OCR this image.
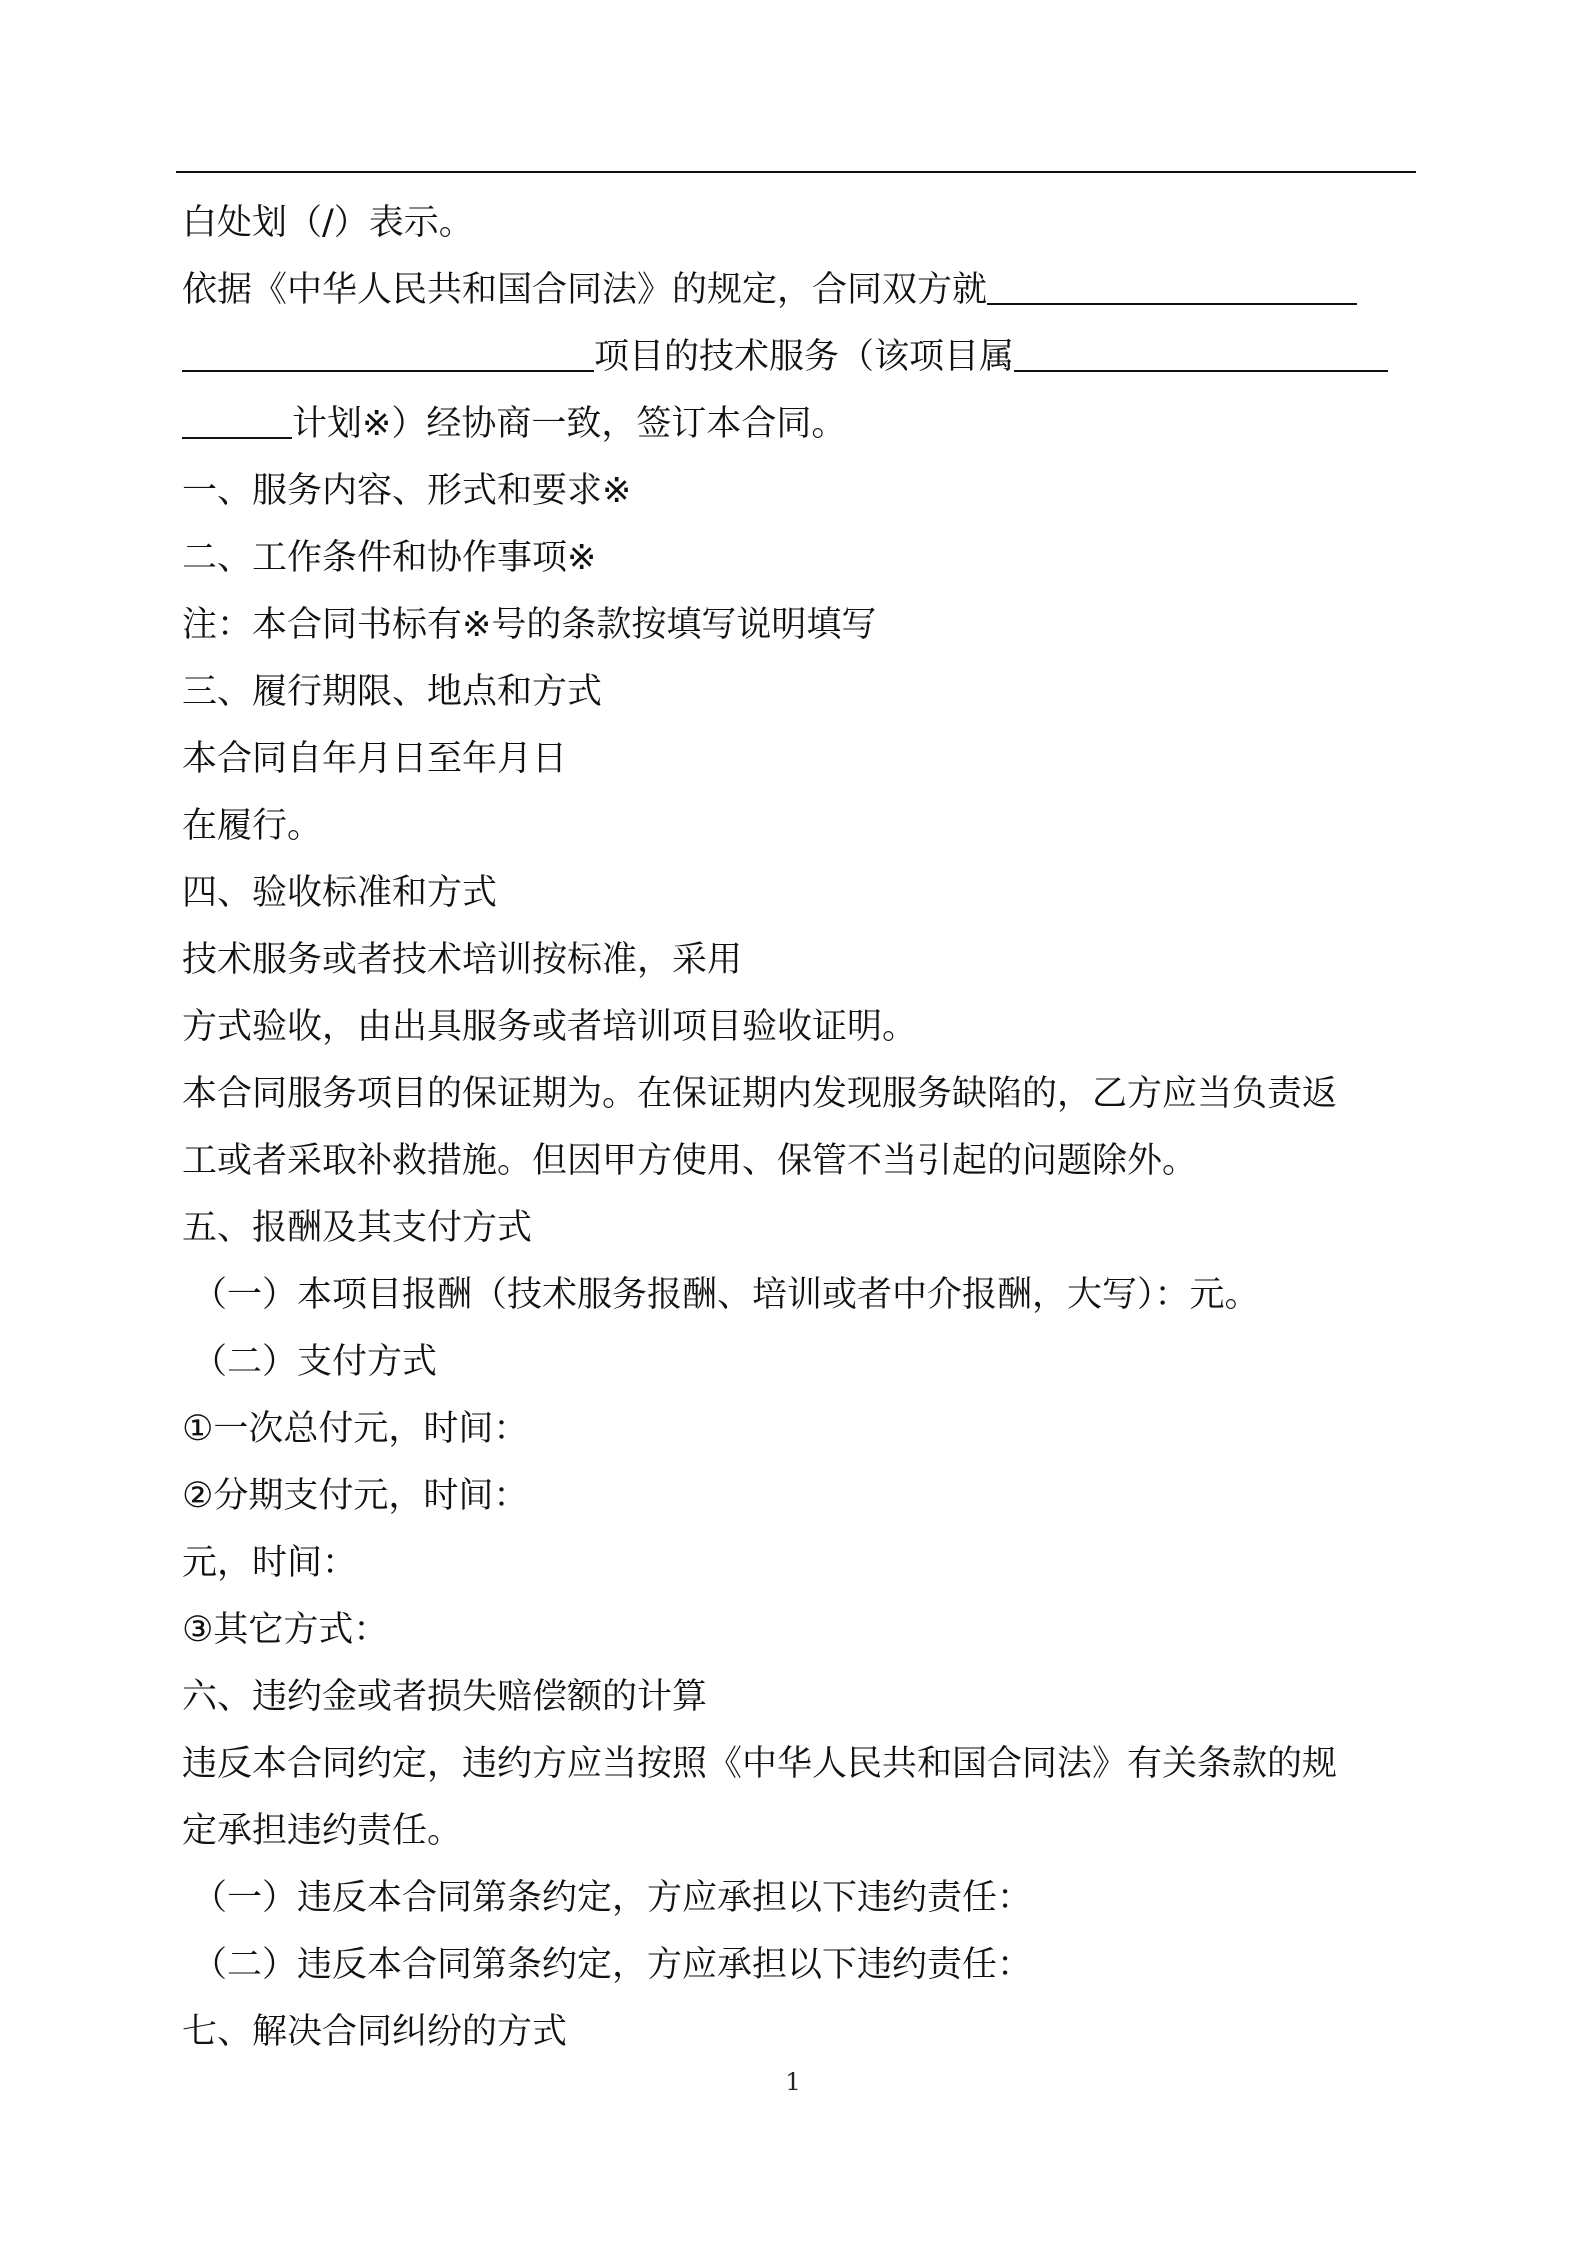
白处划（/）表示。
依据《中华人民共和国合同法》的规定，合同双方就
项目的技术服务（该项目属
计划※）经协商一致，签订本合同。
一、服务内容、形式和要求※
二、工作条件和协作事项※
注：本合同书标有※号的条款按填写说明填写
三、履行期限、地点和方式
本合同自年月日至年月日
在履行。
四、验收标准和方式
技术服务或者技术培训按标准，采用
方式验收，由出具服务或者培训项目验收证明。
本合同服务项目的保证期为。在保证期内发现服务缺陷的，乙方应当负责返
工或者采取补救措施。但因甲方使用、保管不当引起的问题除外。
五、报酬及其支付方式
（一）本项目报酬（技术服务报酬、培训或者中介报酬，大写）：元。
（二）支付方式
①一次总付元，时间：
②分期支付元，时间：
元，时间：
③其它方式：
六、违约金或者损失赔偿额的计算
违反本合同约定，违约方应当按照《中华人民共和国合同法》有关条款的规
定承担违约责任。
（一）违反本合同第条约定，方应承担以下违约责任：
（二）违反本合同第条约定，方应承担以下违约责任：
七、解决合同纠纷的方式
1
